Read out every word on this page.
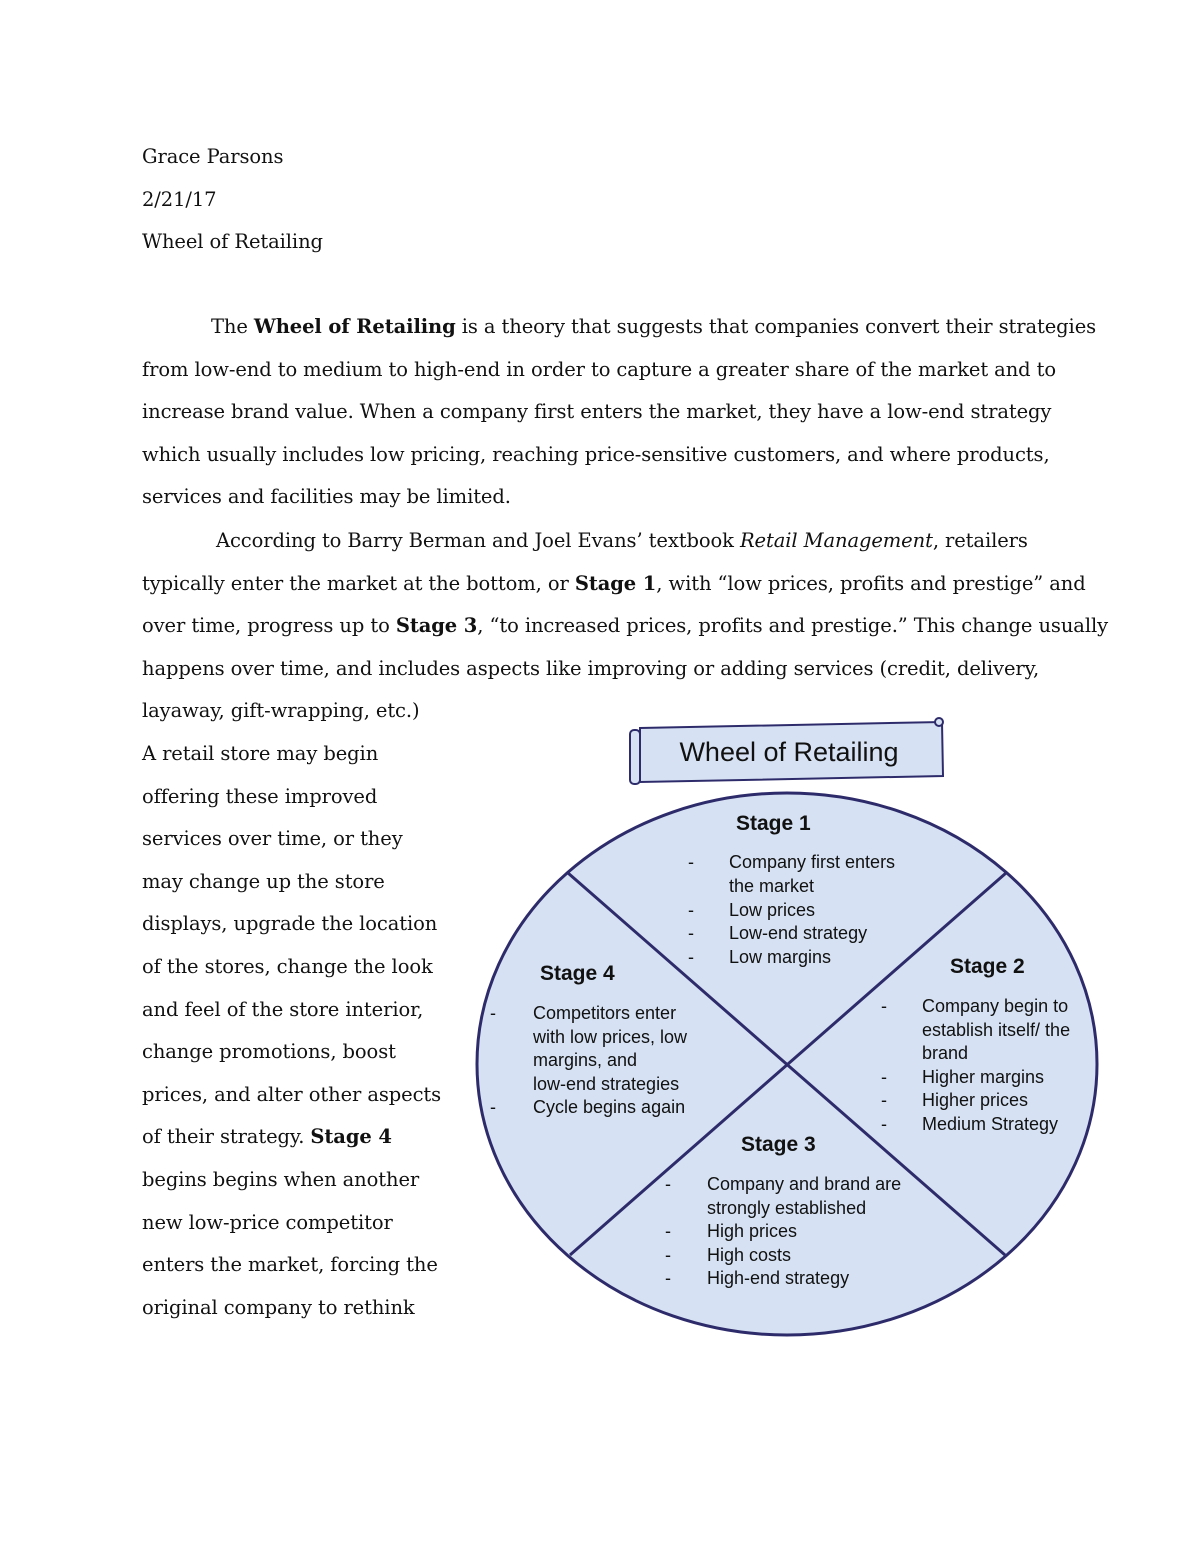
Grace Parsons

2/21/17

Wheel of Retailing

The Wheel of Retailing is a theory that suggests that companies convert their strategies

from low-end to medium to high-end in order to capture a greater share of the market and to

increase brand value. When a company first enters the market, they have a low-end strategy

which usually includes low pricing, reaching price-sensitive customers, and where products,

services and facilities may be limited.

According to Barry Berman and Joel Evans’ textbook Retail Management, retailers

typically enter the market at the bottom, or Stage 1, with “low prices, profits and prestige” and

over time, progress up to Stage 3, “to increased prices, profits and prestige.” This change usually

happens over time, and includes aspects like improving or adding services (credit, delivery,

layaway, gift-wrapping, etc.)

A retail store may begin

offering these improved

services over time, or they

may change up the store

displays, upgrade the location

of the stores, change the look

and feel of the store interior,

change promotions, boost

prices, and alter other aspects

of their strategy. Stage 4

begins begins when another

new low-price competitor

enters the market, forcing the

original company to rethink

Wheel of Retailing
Stage 1
- Company first enters
the market
- Low prices
- Low-end strategy
- Low margins	Stage 2
- Company begin to
establish itself/ the
brand
- Higher margins
- Higher prices
- Medium Strategy
Stage 3
- Company and brand are
strongly established
- High prices
- High costs
- High-end strategy
Stage 4
- Competitors enter
with low prices, low
margins, and
low-end strategies
- Cycle begins again
